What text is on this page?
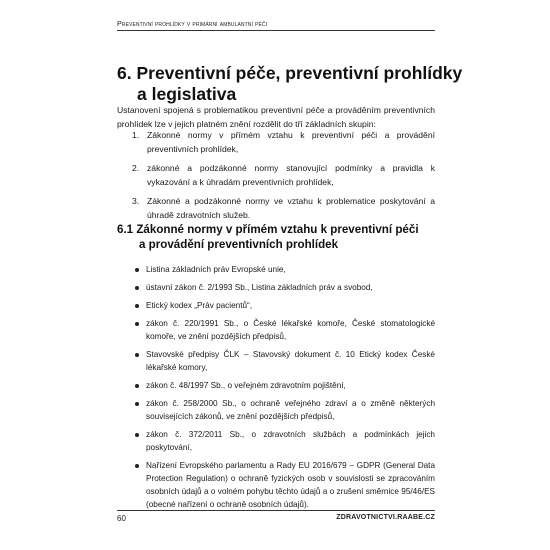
Preventivní prohlídky v primární ambulantní péči
6. Preventivní péče, preventivní prohlídky
a legislativa
Ustanovení spojená s problematikou preventivní péče a prováděním preventivních prohlídek lze v jejich platném znění rozdělit do tří základních skupin:
1. Zákonné normy v přímém vztahu k preventivní péči a provádění preventivních prohlídek,
2. zákonné a podzákonné normy stanovující podmínky a pravidla k vykazování a k úhradám preventivních prohlídek,
3. Zákonné a podzákonné normy ve vztahu k problematice poskytování a úhradě zdravotních služeb.
6.1 Zákonné normy v přímém vztahu k preventivní péči
a provádění preventivních prohlídek
Listina základních práv Evropské unie,
ústavní zákon č. 2/1993 Sb., Listina základních práv a svobod,
Etický kodex „Práv pacientů“,
zákon č. 220/1991 Sb., o České lékařské komoře, České stomatologické komoře, ve znění pozdějších předpisů,
Stavovské předpisy ČLK – Stavovský dokument č. 10 Etický kodex České lékařské komory,
zákon č. 48/1997 Sb., o veřejném zdravotním pojištění,
zákon č. 258/2000 Sb., o ochraně veřejného zdraví a o změně některých souvisejících zákonů, ve znění pozdějších předpisů,
zákon č. 372/2011 Sb., o zdravotních službách a podmínkách jejich poskytování,
Nařízení Evropského parlamentu a Rady EU 2016/679 – GDPR (General Data Protection Regulation) o ochraně fyzických osob v souvislosti se zpracováním osobních údajů a o volném pohybu těchto údajů a o zrušení směrnice 95/46/ES (obecné nařízení o ochraně osobních údajů).
60	ZDRAVOTNICTVI.RAABE.CZ
